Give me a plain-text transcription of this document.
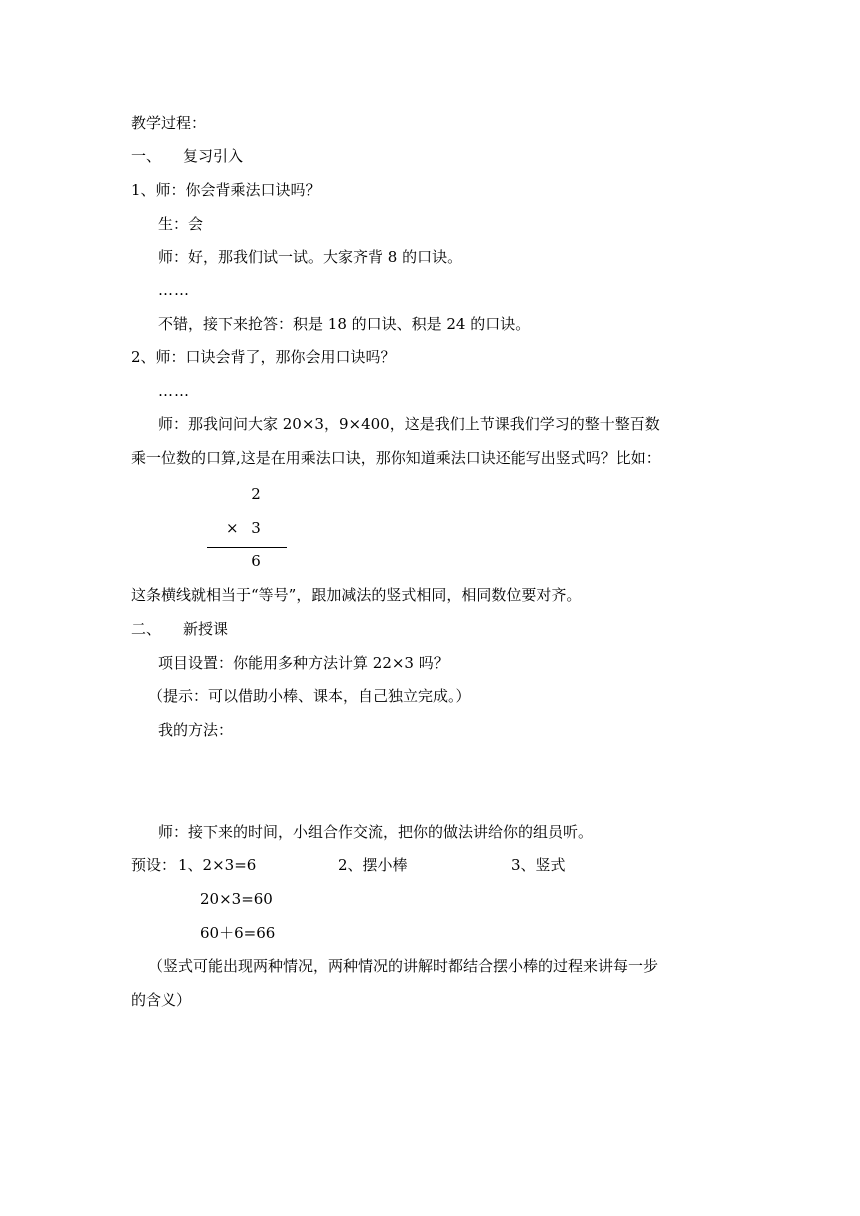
教学过程：
一、 复习引入
1、师：你会背乘法口诀吗？
生：会
师：好，那我们试一试。大家齐背 8 的口诀。
……
不错，接下来抢答：积是 18 的口诀、积是 24 的口诀。
2、师：口诀会背了，那你会用口诀吗？
……
师：那我问问大家 20×3，9×400，这是我们上节课我们学习的整十整百数
乘一位数的口算,这是在用乘法口诀，那你知道乘法口诀还能写出竖式吗？比如：
2
× 3
6
这条横线就相当于“等号”，跟加减法的竖式相同，相同数位要对齐。
二、 新授课
项目设置：你能用多种方法计算 22×3 吗？
（提示：可以借助小棒、课本，自己独立完成。）
我的方法：
师：接下来的时间，小组合作交流，把你的做法讲给你的组员听。
预设： 1、2×3=6	2、摆小棒	3、竖式
20×3=60
60＋6=66
（竖式可能出现两种情况，两种情况的讲解时都结合摆小棒的过程来讲每一步
的含义）
